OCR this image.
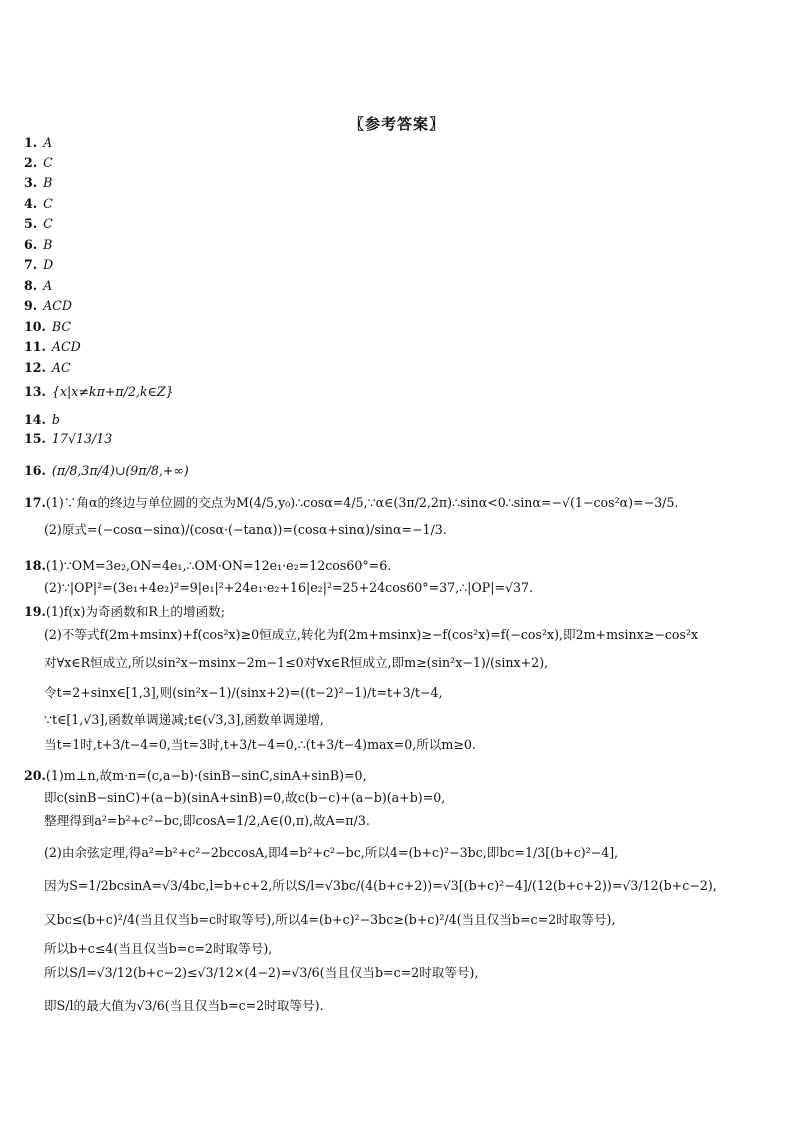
〖参考答案〗
1. A
2. C
3. B
4. C
5. C
6. B
7. D
8. A
9. ACD
10. BC
11. ACD
12. AC
13. {x|x≠kπ+π/2,k∈Z}
14. b
15. 17√13/13
16. (π/8,3π/4)∪(9π/8,+∞)
17.(1)∵角α的终边与单位圆的交点为M(4/5,y₀)∴cosα=4/5,∵α∈(3π/2,2π)∴sinα<0∴sinα=−√(1−cos²α)=−3/5.
(2)原式=(−cosα−sinα)/(cosα·(−tanα))=(cosα+sinα)/sinα=−1/3.
18.(1)∵OM=3e₂,ON=4e₁,∴OM·ON=12e₁·e₂=12cos60°=6.
(2)∵|OP|²=(3e₁+4e₂)²=9|e₁|²+24e₁·e₂+16|e₂|²=25+24cos60°=37,∴|OP|=√37.
19.(1)f(x)为奇函数和R上的增函数;
(2)不等式f(2m+msinx)+f(cos²x)≥0恒成立,转化为f(2m+msinx)≥−f(cos²x)=f(−cos²x),即2m+msinx≥−cos²x
对∀x∈R恒成立,所以sin²x−msinx−2m−1≤0对∀x∈R恒成立,即m≥(sin²x−1)/(sinx+2),
令t=2+sinx∈[1,3],则(sin²x−1)/(sinx+2)=((t−2)²−1)/t=t+3/t−4,
∵t∈[1,√3],函数单调递减;t∈(√3,3],函数单调递增,
当t=1时,t+3/t−4=0,当t=3时,t+3/t−4=0,∴(t+3/t−4)max=0,所以m≥0.
20.(1)m⊥n,故m·n=(c,a−b)·(sinB−sinC,sinA+sinB)=0,
即c(sinB−sinC)+(a−b)(sinA+sinB)=0,故c(b−c)+(a−b)(a+b)=0,
整理得到a²=b²+c²−bc,即cosA=1/2,A∈(0,π),故A=π/3.
(2)由余弦定理,得a²=b²+c²−2bccosA,即4=b²+c²−bc,所以4=(b+c)²−3bc,即bc=1/3[(b+c)²−4],
因为S=1/2bcsinA=√3/4bc,l=b+c+2,所以S/l=√3bc/(4(b+c+2))=√3[(b+c)²−4]/(12(b+c+2))=√3/12(b+c−2),
又bc≤(b+c)²/4(当且仅当b=c时取等号),所以4=(b+c)²−3bc≥(b+c)²/4(当且仅当b=c=2时取等号),
所以b+c≤4(当且仅当b=c=2时取等号),
所以S/l=√3/12(b+c−2)≤√3/12×(4−2)=√3/6(当且仅当b=c=2时取等号),
即S/l的最大值为√3/6(当且仅当b=c=2时取等号).
